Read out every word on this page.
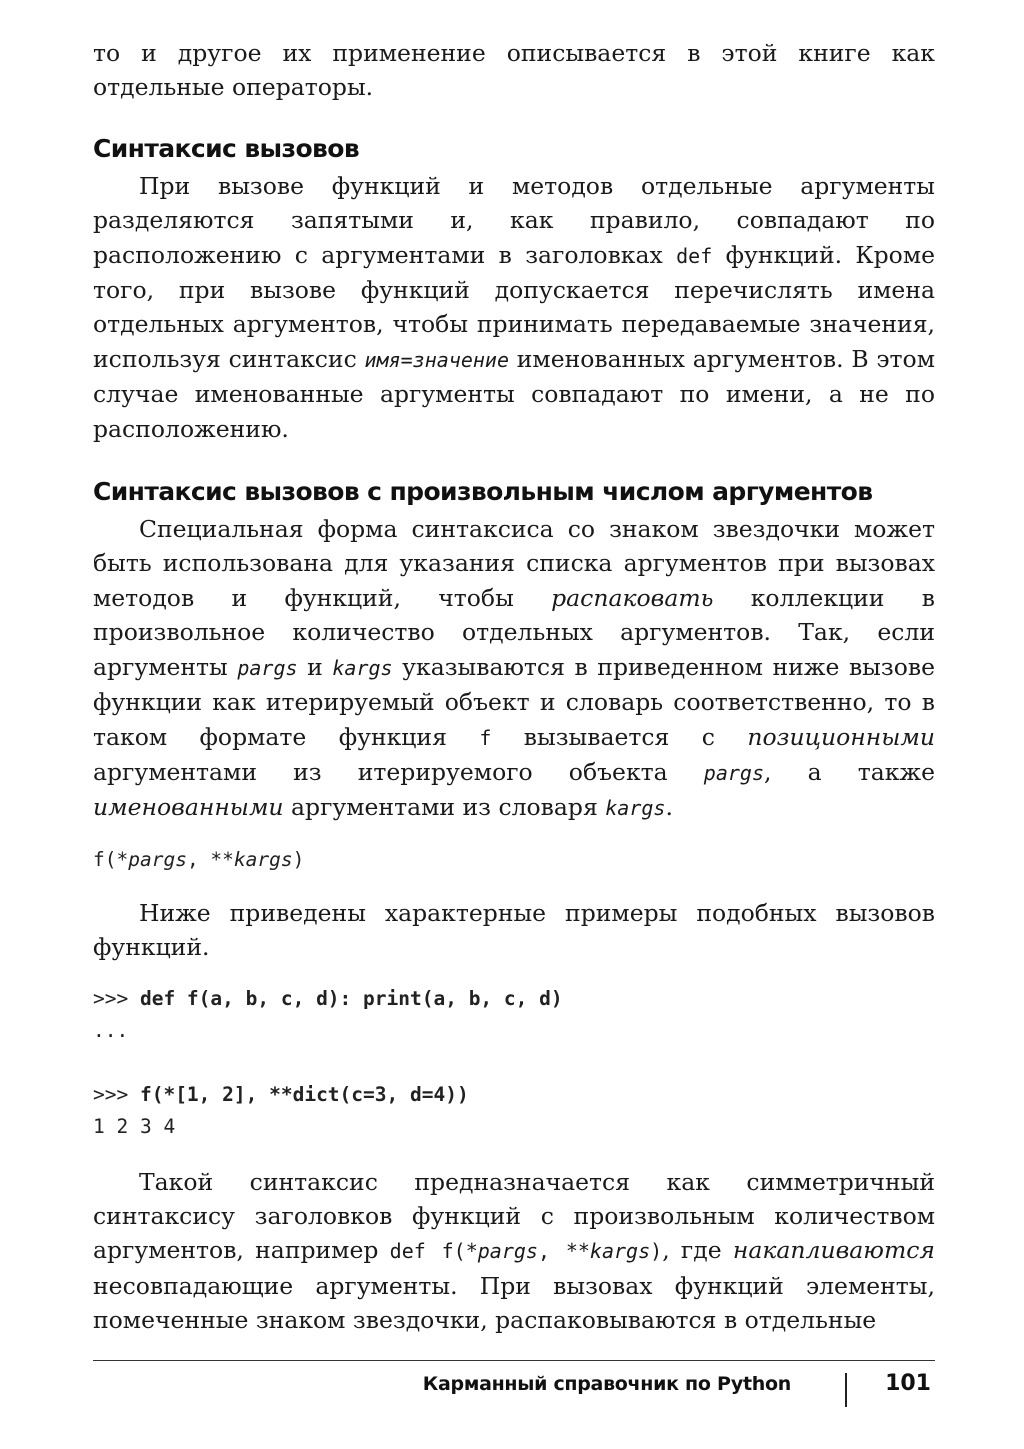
то и другое их применение описывается в этой книге как отдельные операторы.

Синтаксис вызовов

При вызове функций и методов отдельные аргументы разделяются запятыми и, как правило, совпадают по расположению с аргументами в заголовках def функций. Кроме того, при вызове функций допускается перечислять имена отдельных аргументов, чтобы принимать передаваемые значения, используя синтаксис имя=значение именованных аргументов. В этом случае именованные аргументы совпадают по имени, а не по расположению.

Синтаксис вызовов с произвольным числом аргументов

Специальная форма синтаксиса со знаком звездочки может быть использована для указания списка аргументов при вызовах методов и функций, чтобы распаковать коллекции в произвольное количество отдельных аргументов. Так, если аргументы pargs и kargs указываются в приведенном ниже вызове функции как итерируемый объект и словарь соответственно, то в таком формате функция f вызывается с позиционными аргументами из итерируемого объекта pargs, а также именованными аргументами из словаря kargs.

f(*pargs, **kargs)

Ниже приведены характерные примеры подобных вызовов функций.

>>> def f(a, b, c, d): print(a, b, c, d)
...

>>> f(*[1, 2], **dict(c=3, d=4))
1 2 3 4

Такой синтаксис предназначается как симметричный синтаксису заголовков функций с произвольным количеством аргументов, например def f(*pargs, **kargs), где накапливаются несовпадающие аргументы. При вызовах функций элементы, помеченные знаком звездочки, распаковываются в отдельные

Карманный справочник по Python	101
